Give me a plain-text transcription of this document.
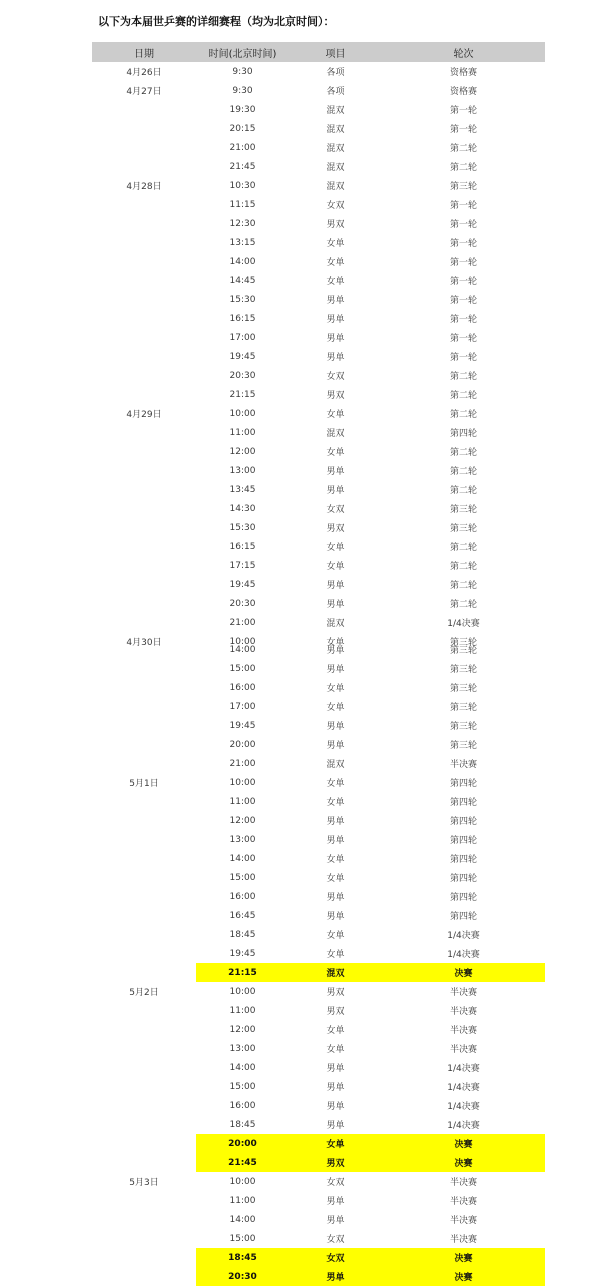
以下为本届世乒赛的详细赛程（均为北京时间）：
日期	时间(北京时间)	项目	轮次
4月26日	9:30	各项	资格赛
4月27日	9:30	各项	资格赛
19:30	混双	第一轮
20:15	混双	第一轮
21:00	混双	第二轮
21:45	混双	第二轮
4月28日	10:30	混双	第三轮
11:15	女双	第一轮
12:30	男双	第一轮
13:15	女单	第一轮
14:00	女单	第一轮
14:45	女单	第一轮
15:30	男单	第一轮
16:15	男单	第一轮
17:00	男单	第一轮
19:45	男单	第一轮
20:30	女双	第二轮
21:15	男双	第二轮
4月29日	10:00	女单	第二轮
11:00	混双	第四轮
12:00	女单	第二轮
13:00	男单	第二轮
13:45	男单	第二轮
14:30	女双	第三轮
15:30	男双	第三轮
16:15	女单	第二轮
17:15	女单	第二轮
19:45	男单	第二轮
20:30	男单	第二轮
21:00	混双	1/4决赛
4月30日	10:00	女单	第三轮
14:00	男单	第三轮
15:00	男单	第三轮
16:00	女单	第三轮
17:00	女单	第三轮
19:45	男单	第三轮
20:00	男单	第三轮
21:00	混双	半决赛
5月1日	10:00	女单	第四轮
11:00	女单	第四轮
12:00	男单	第四轮
13:00	男单	第四轮
14:00	女单	第四轮
15:00	女单	第四轮
16:00	男单	第四轮
16:45	男单	第四轮
18:45	女单	1/4决赛
19:45	女单	1/4决赛
21:15	混双	决赛
5月2日	10:00	男双	半决赛
11:00	男双	半决赛
12:00	女单	半决赛
13:00	女单	半决赛
14:00	男单	1/4决赛
15:00	男单	1/4决赛
16:00	男单	1/4决赛
18:45	男单	1/4决赛
20:00	女单	决赛
21:45	男双	决赛
5月3日	10:00	女双	半决赛
11:00	男单	半决赛
14:00	男单	半决赛
15:00	女双	半决赛
18:45	女双	决赛
20:30	男单	决赛
